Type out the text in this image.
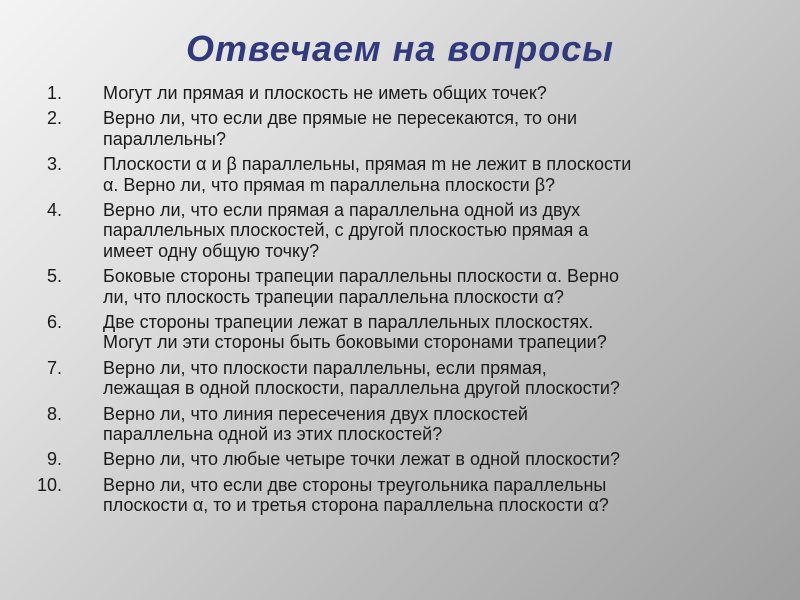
Отвечаем на вопросы
1.	Могут ли прямая и плоскость не иметь общих точек?
2.	Верно ли, что если две прямые не пересекаются, то они
параллельны?
3.	Плоскости α и β параллельны, прямая m не лежит в плоскости
α. Верно ли, что прямая m параллельна плоскости β?
4.	Верно ли, что если прямая а параллельна одной из двух
параллельных плоскостей, с другой плоскостью прямая а
имеет одну общую точку?
5.	Боковые стороны трапеции параллельны плоскости α. Верно
ли, что плоскость трапеции параллельна плоскости α?
6.	Две стороны трапеции лежат в параллельных плоскостях.
Могут ли эти стороны быть боковыми сторонами трапеции?
7.	Верно ли, что плоскости параллельны, если прямая,
лежащая в одной плоскости, параллельна другой плоскости?
8.	Верно ли, что линия пересечения двух плоскостей
параллельна одной из этих плоскостей?
9.	Верно ли, что любые четыре точки лежат в одной плоскости?
10.	Верно ли, что если две стороны треугольника параллельны
плоскости α, то и третья сторона параллельна плоскости α?
